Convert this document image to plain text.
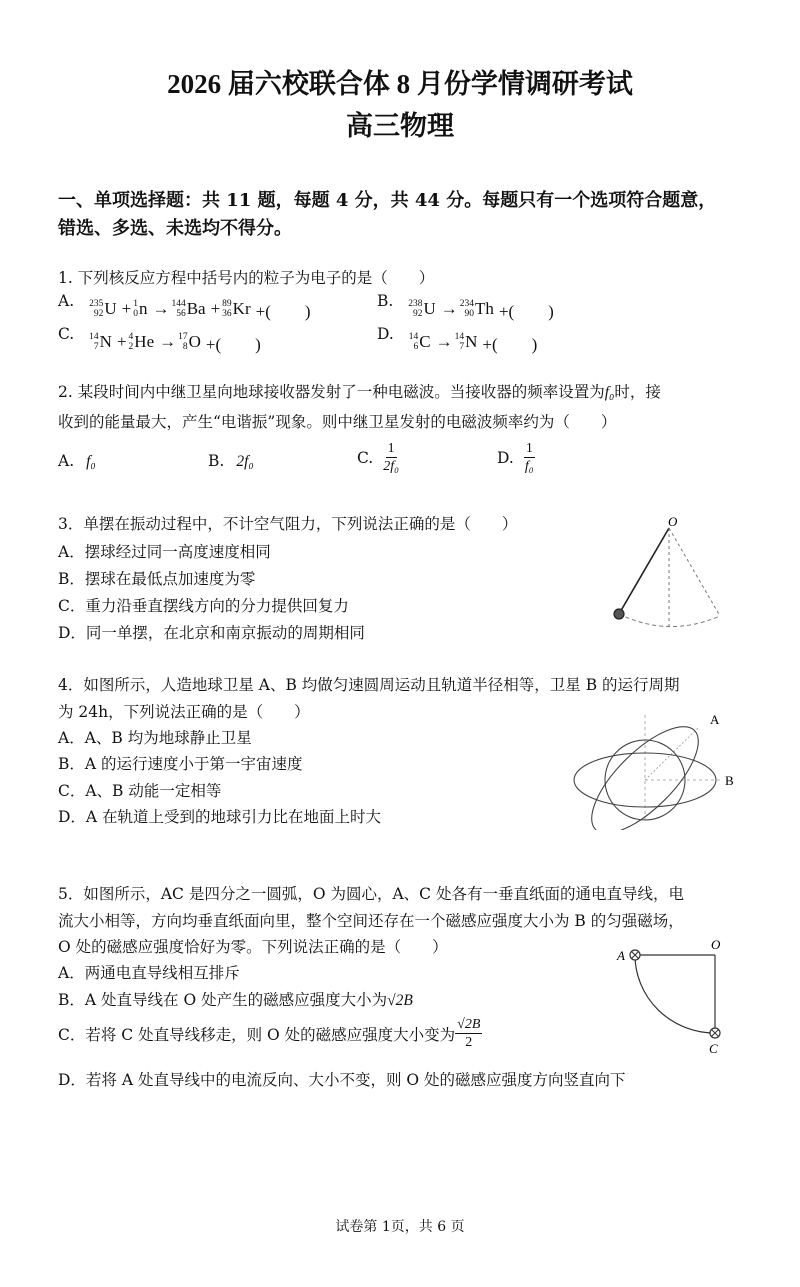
2026 届六校联合体 8 月份学情调研考试
高三物理
一、单项选择题：共 11 题，每题 4 分，共 44 分。每题只有一个选项符合题意，
错选、多选、未选均不得分。
1. 下列核反应方程中括号内的粒子为电子的是（　　）
A. 235
92 U + 1
0 n → 144
56 Ba + 89
36 Kr +(　　)
B. 238
92 U → 234
90 Th +(　　)
C. 14
7 N + 4
2 He → 17
8 O +(　　)
D. 14
6 C → 14
7 N +(　　)
2. 某段时间内中继卫星向地球接收器发射了一种电磁波。当接收器的频率设置为f₀时，接
收到的能量最大，产生“电谐振”现象。则中继卫星发射的电磁波频率约为（　　）
A. f₀	B. 2f₀	C. $\frac{1}{\text{2f₀}}$	D. $\frac{1}{\text{f₀}}$
3．单摆在振动过程中，不计空气阻力，下列说法正确的是（　　）
A．摆球经过同一高度速度相同
B．摆球在最低点加速度为零
C．重力沿垂直摆线方向的分力提供回复力
D．同一单摆，在北京和南京振动的周期相同
O
4．如图所示，人造地球卫星 A、B 均做匀速圆周运动且轨道半径相等，卫星 B 的运行周期
为 24h，下列说法正确的是（　　）
A．A、B 均为地球静止卫星
B．A 的运行速度小于第一宇宙速度
C．A、B 动能一定相等
D．A 在轨道上受到的地球引力比在地面上时大
A
B
5．如图所示，AC 是四分之一圆弧，O 为圆心，A、C 处各有一垂直纸面的通电直导线，电
流大小相等，方向均垂直纸面向里，整个空间还存在一个磁感应强度大小为 B 的匀强磁场，
O 处的磁感应强度恰好为零。下列说法正确的是（　　）
A．两通电直导线相互排斥
B．A 处直导线在 O 处产生的磁感应强度大小为√2B
C．若将 C 处直导线移走，则 O 处的磁感应强度大小变为 $\frac{√2B}{2}$
D．若将 A 处直导线中的电流反向、大小不变，则 O 处的磁感应强度方向竖直向下
A
O
C
试卷第 1页，共 6 页
